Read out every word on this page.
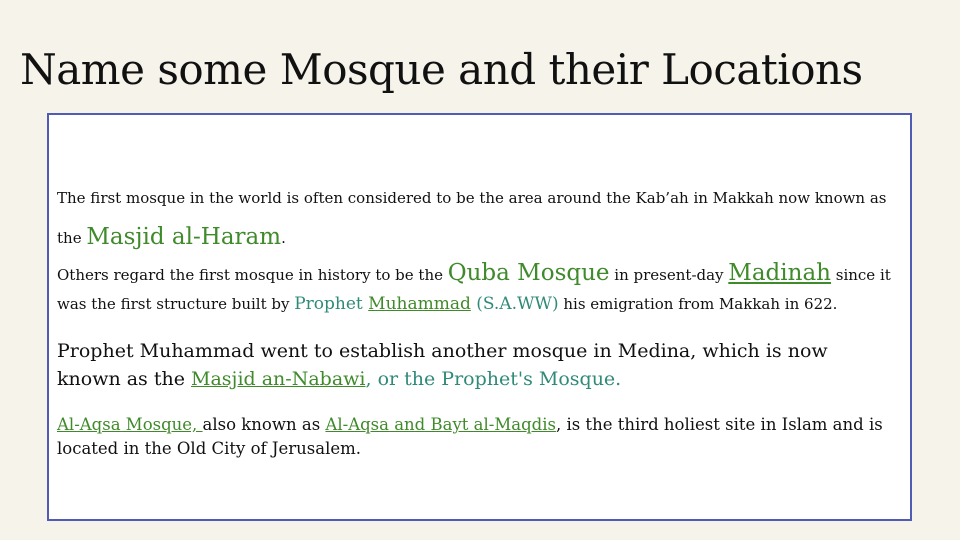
Name some Mosque and their Locations

The first mosque in the world is often considered to be the area around the Kab’ah in Makkah now known as the Masjid al-Haram.

Others regard the first mosque in history to be the Quba Mosque in present-day Madinah since it was the first structure built by Prophet Muhammad (S.A.WW) his emigration from Makkah in 622.

Prophet Muhammad went to establish another mosque in Medina, which is now known as the Masjid an-Nabawi, or the Prophet's Mosque.

Al-Aqsa Mosque, also known as Al-Aqsa and Bayt al-Maqdis, is the third holiest site in Islam and is located in the Old City of Jerusalem.
